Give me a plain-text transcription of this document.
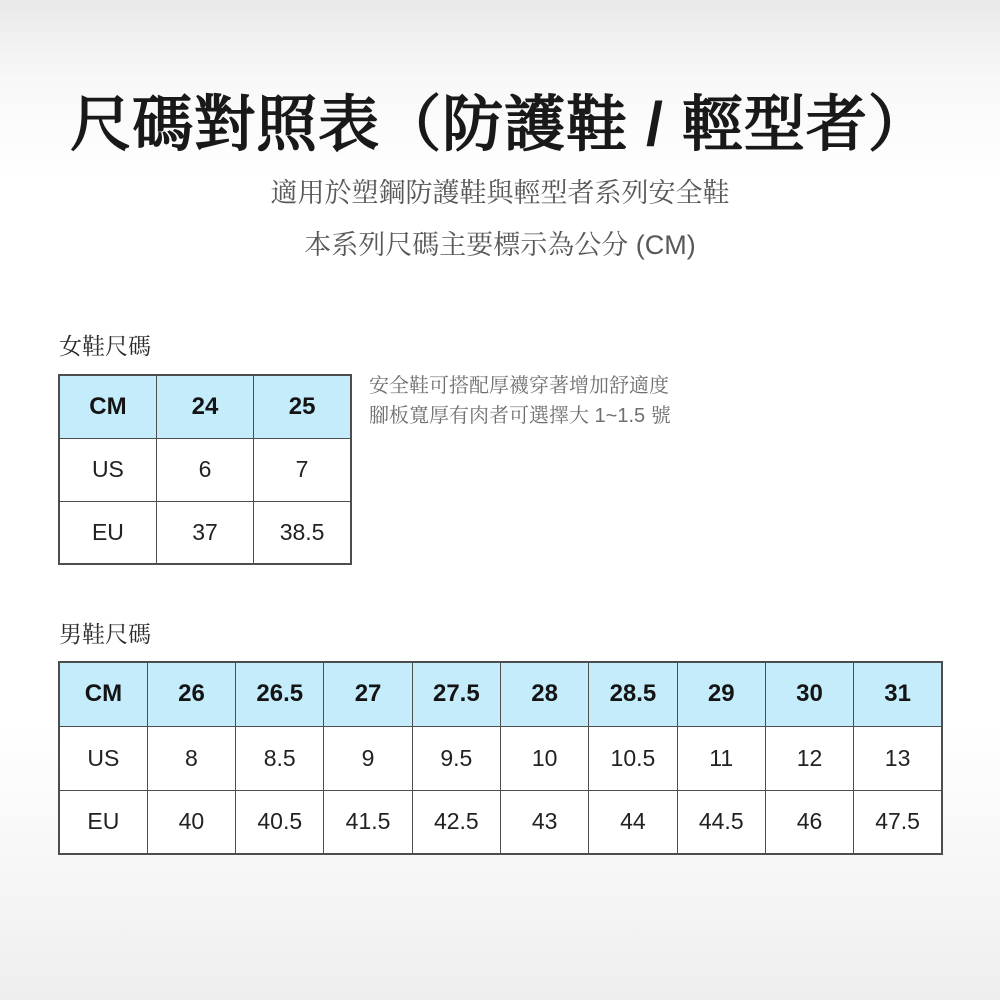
尺碼對照表（防護鞋 / 輕型者）
適用於塑鋼防護鞋與輕型者系列安全鞋
本系列尺碼主要標示為公分 (CM)
女鞋尺碼
CM	24	25
US	6	7
EU	37	38.5
安全鞋可搭配厚襪穿著增加舒適度
腳板寬厚有肉者可選擇大 1~1.5 號
男鞋尺碼
CM	26	26.5	27	27.5	28	28.5	29	30	31
US	8	8.5	9	9.5	10	10.5	11	12	13
EU	40	40.5	41.5	42.5	43	44	44.5	46	47.5
